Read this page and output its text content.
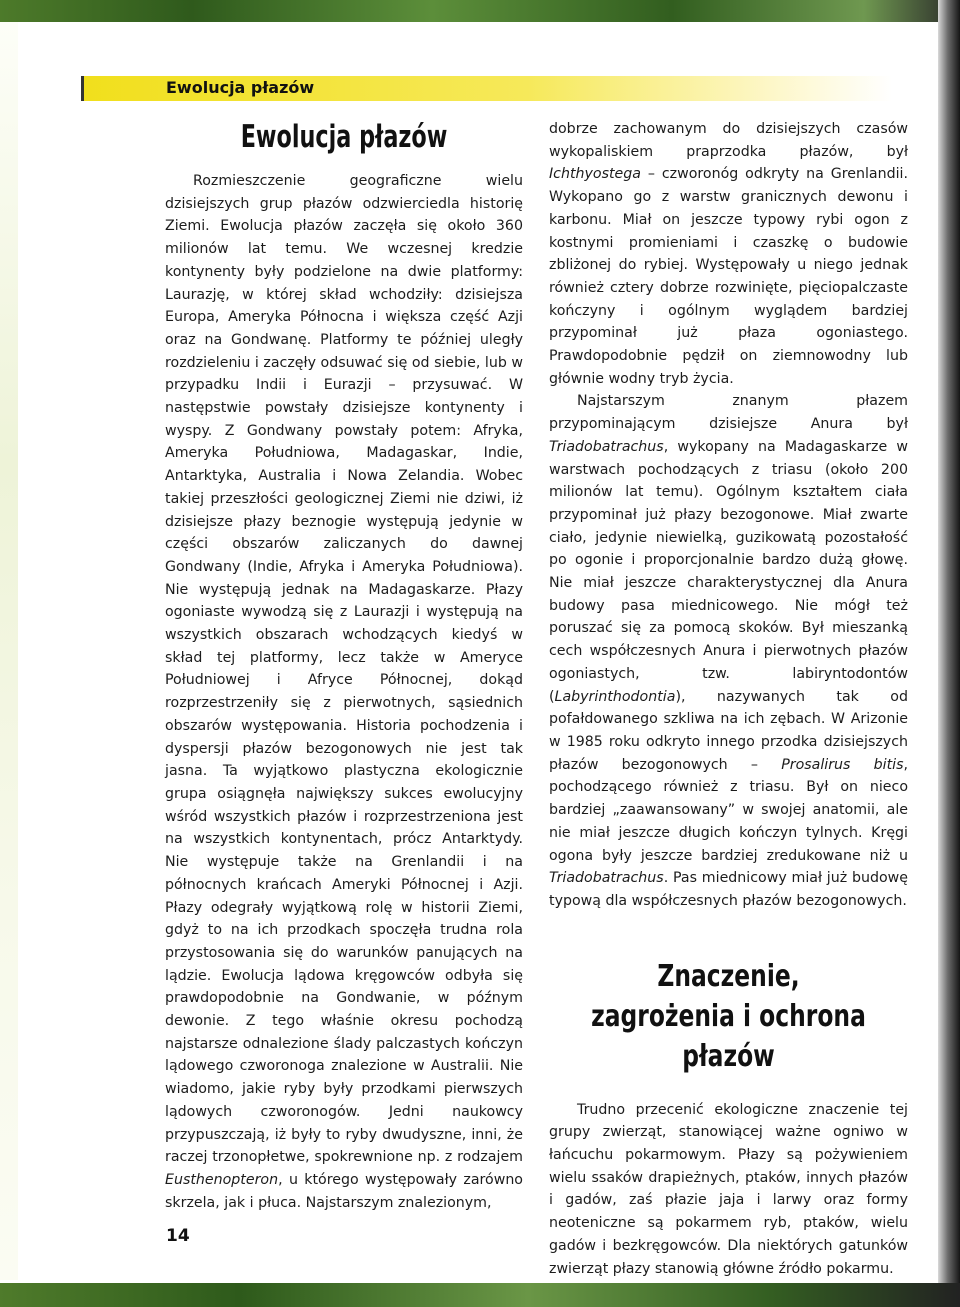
Ewolucja płazów
Ewolucja płazów

Rozmieszczenie geograficzne wielu dzisiejszych grup płazów odzwierciedla historię Ziemi. Ewolucja płazów zaczęła się około 360 milionów lat temu. We wczesnej kredzie kontynenty były podzielone na dwie platformy: Laurazję, w której skład wchodziły: dzisiejsza Europa, Ameryka Północna i większa część Azji oraz na Gondwanę. Platformy te później uległy rozdzieleniu i zaczęły odsuwać się od siebie, lub w przypadku Indii i Eurazji – przysuwać. W następstwie powstały dzisiejsze kontynenty i wyspy. Z Gondwany powstały potem: Afryka, Ameryka Południowa, Madagaskar, Indie, Antarktyka, Australia i Nowa Zelandia. Wobec takiej przeszłości geologicznej Ziemi nie dziwi, iż dzisiejsze płazy beznogie występują jedynie w części obszarów zaliczanych do dawnej Gondwany (Indie, Afryka i Ameryka Południowa). Nie występują jednak na Madagaskarze. Płazy ogoniaste wywodzą się z Laurazji i występują na wszystkich obszarach wchodzących kiedyś w skład tej platformy, lecz także w Ameryce Południowej i Afryce Północnej, dokąd rozprzestrzeniły się z pierwotnych, sąsiednich obszarów występowania. Historia pochodzenia i dyspersji płazów bezogonowych nie jest tak jasna. Ta wyjątkowo plastyczna ekologicznie grupa osiągnęła największy sukces ewolucyjny wśród wszystkich płazów i rozprzestrzeniona jest na wszystkich kontynentach, prócz Antarktydy. Nie występuje także na Grenlandii i na północnych krańcach Ameryki Północnej i Azji. Płazy odegrały wyjątkową rolę w historii Ziemi, gdyż to na ich przodkach spoczęła trudna rola przystosowania się do warunków panujących na lądzie. Ewolucja lądowa kręgowców odbyła się prawdopodobnie na Gondwanie, w późnym dewonie. Z tego właśnie okresu pochodzą najstarsze odnalezione ślady palczastych kończyn lądowego czworonoga znalezione w Australii. Nie wiadomo, jakie ryby były przodkami pierwszych lądowych czworonogów. Jedni naukowcy przypuszczają, iż były to ryby dwudyszne, inni, że raczej trzonopłetwe, spokrewnione np. z rodzajem Eusthenopteron, u którego występowały zarówno skrzela, jak i płuca. Najstarszym znalezionym,

dobrze zachowanym do dzisiejszych czasów wykopaliskiem praprzodka płazów, był Ichthyostega – czworonóg odkryty na Grenlandii. Wykopano go z warstw granicznych dewonu i karbonu. Miał on jeszcze typowy rybi ogon z kostnymi promieniami i czaszkę o budowie zbliżonej do rybiej. Występowały u niego jednak również cztery dobrze rozwinięte, pięciopalczaste kończyny i ogólnym wyglądem bardziej przypominał już płaza ogoniastego. Prawdopodobnie pędził on ziemnowodny lub głównie wodny tryb życia.

Najstarszym znanym płazem przypominającym dzisiejsze Anura był Triadobatrachus, wykopany na Madagaskarze w warstwach pochodzących z triasu (około 200 milionów lat temu). Ogólnym kształtem ciała przypominał już płazy bezogonowe. Miał zwarte ciało, jedynie niewielką, guzikowatą pozostałość po ogonie i proporcjonalnie bardzo dużą głowę. Nie miał jeszcze charakterystycznej dla Anura budowy pasa miednicowego. Nie mógł też poruszać się za pomocą skoków. Był mieszanką cech współczesnych Anura i pierwotnych płazów ogoniastych, tzw. labiryntodontów (Labyrinthodontia), nazywanych tak od pofałdowanego szkliwa na ich zębach. W Arizonie w 1985 roku odkryto innego przodka dzisiejszych płazów bezogonowych – Prosalirus bitis, pochodzącego również z triasu. Był on nieco bardziej „zaawansowany” w swojej anatomii, ale nie miał jeszcze długich kończyn tylnych. Kręgi ogona były jeszcze bardziej zredukowane niż u Triadobatrachus. Pas miednicowy miał już budowę typową dla współczesnych płazów bezogonowych.

Znaczenie, zagrożenia i ochrona płazów

Trudno przecenić ekologiczne znaczenie tej grupy zwierząt, stanowiącej ważne ogniwo w łańcuchu pokarmowym. Płazy są pożywieniem wielu ssaków drapieżnych, ptaków, innych płazów i gadów, zaś płazie jaja i larwy oraz formy neotenicznе są pokarmem ryb, ptaków, wielu gadów i bezkręgowców. Dla niektórych gatunków zwierząt płazy stanowią główne źródło pokarmu.

14
